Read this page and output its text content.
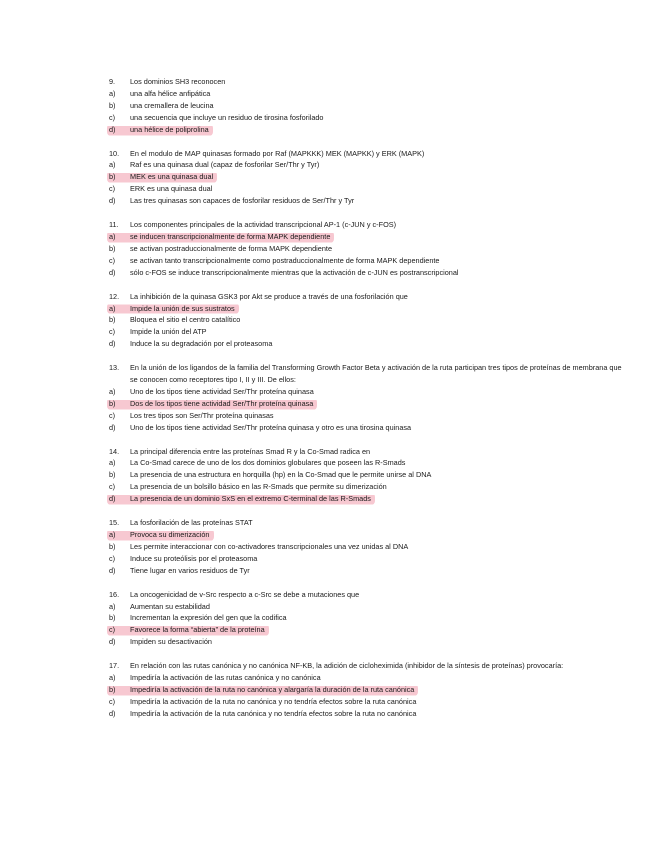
9.	Los dominios SH3 reconocen
a)	una alfa hélice anfipática
b)	una cremallera de leucina
c)	una secuencia que incluye un residuo de tirosina fosforilado
d)	una hélice de poliprolina
10.	En el modulo de MAP quinasas formado por Raf (MAPKKK) MEK (MAPKK) y ERK (MAPK)
a)	Raf es una quinasa dual (capaz de fosforilar Ser/Thr y Tyr)
b)	MEK es una quinasa dual
c)	ERK es una quinasa dual
d)	Las tres quinasas son capaces de fosforilar residuos de Ser/Thr y Tyr
11.	Los componentes principales de la actividad transcripcional AP-1 (c-JUN y c-FOS)
a)	se inducen transcripcionalmente de forma MAPK dependiente
b)	se activan postraduccionalmente de forma MAPK dependiente
c)	se activan tanto transcripcionalmente como postraduccionalmente de forma MAPK dependiente
d)	sólo c-FOS se induce transcripcionalmente mientras que la activación de c-JUN es postranscripcional
12.	La inhibición de la quinasa GSK3 por Akt se produce a través de una fosforilación que
a)	Impide la unión de sus sustratos
b)	Bloquea el sitio el centro catalítico
c)	Impide la unión del ATP
d)	Induce la su degradación por el proteasoma
13.	En la unión de los ligandos de la familia del Transforming Growth Factor Beta y activación de la ruta participan tres tipos de proteínas de membrana que se conocen como receptores tipo I, II y III. De ellos:
a)	Uno de los tipos tiene actividad Ser/Thr proteína quinasa
b)	Dos de los tipos tiene actividad Ser/Thr proteína quinasa
c)	Los tres tipos son Ser/Thr proteína quinasas
d)	Uno de los tipos tiene actividad Ser/Thr proteína quinasa y otro es una tirosina quinasa
14.	La principal diferencia entre las proteínas Smad R y la Co-Smad radica en
a)	La Co-Smad carece de uno de los dos dominios globulares que poseen las R-Smads
b)	La presencia de una estructura en horquilla (hp) en la Co-Smad que le permite unirse al DNA
c)	La presencia de un bolsillo básico en las R-Smads que permite su dimerización
d)	La presencia de un dominio SxS en el extremo C-terminal de las R-Smads
15.	La fosforilación de las proteínas STAT
a)	Provoca su dimerización
b)	Les permite interaccionar con co-activadores transcripcionales una vez unidas al DNA
c)	Induce su proteólisis por el proteasoma
d)	Tiene lugar en varios residuos de Tyr
16.	La oncogenicidad de v-Src respecto a c-Src se debe a mutaciones que
a)	Aumentan su estabilidad
b)	Incrementan la expresión del gen que la codifica
c)	Favorece la forma “abierta” de la proteína
d)	Impiden su desactivación
17.	En relación con las rutas canónica y no canónica NF-KB, la adición de cicloheximida (inhibidor de la síntesis de proteínas) provocaría:
a)	Impediría la activación de las rutas canónica y no canónica
b)	Impediría la activación de la ruta no canónica y alargaría la duración de la ruta canónica
c)	Impediría la activación de la ruta no canónica y no tendría efectos sobre la ruta canónica
d)	Impediría la activación de la ruta canónica y no tendría efectos sobre la ruta no canónica
